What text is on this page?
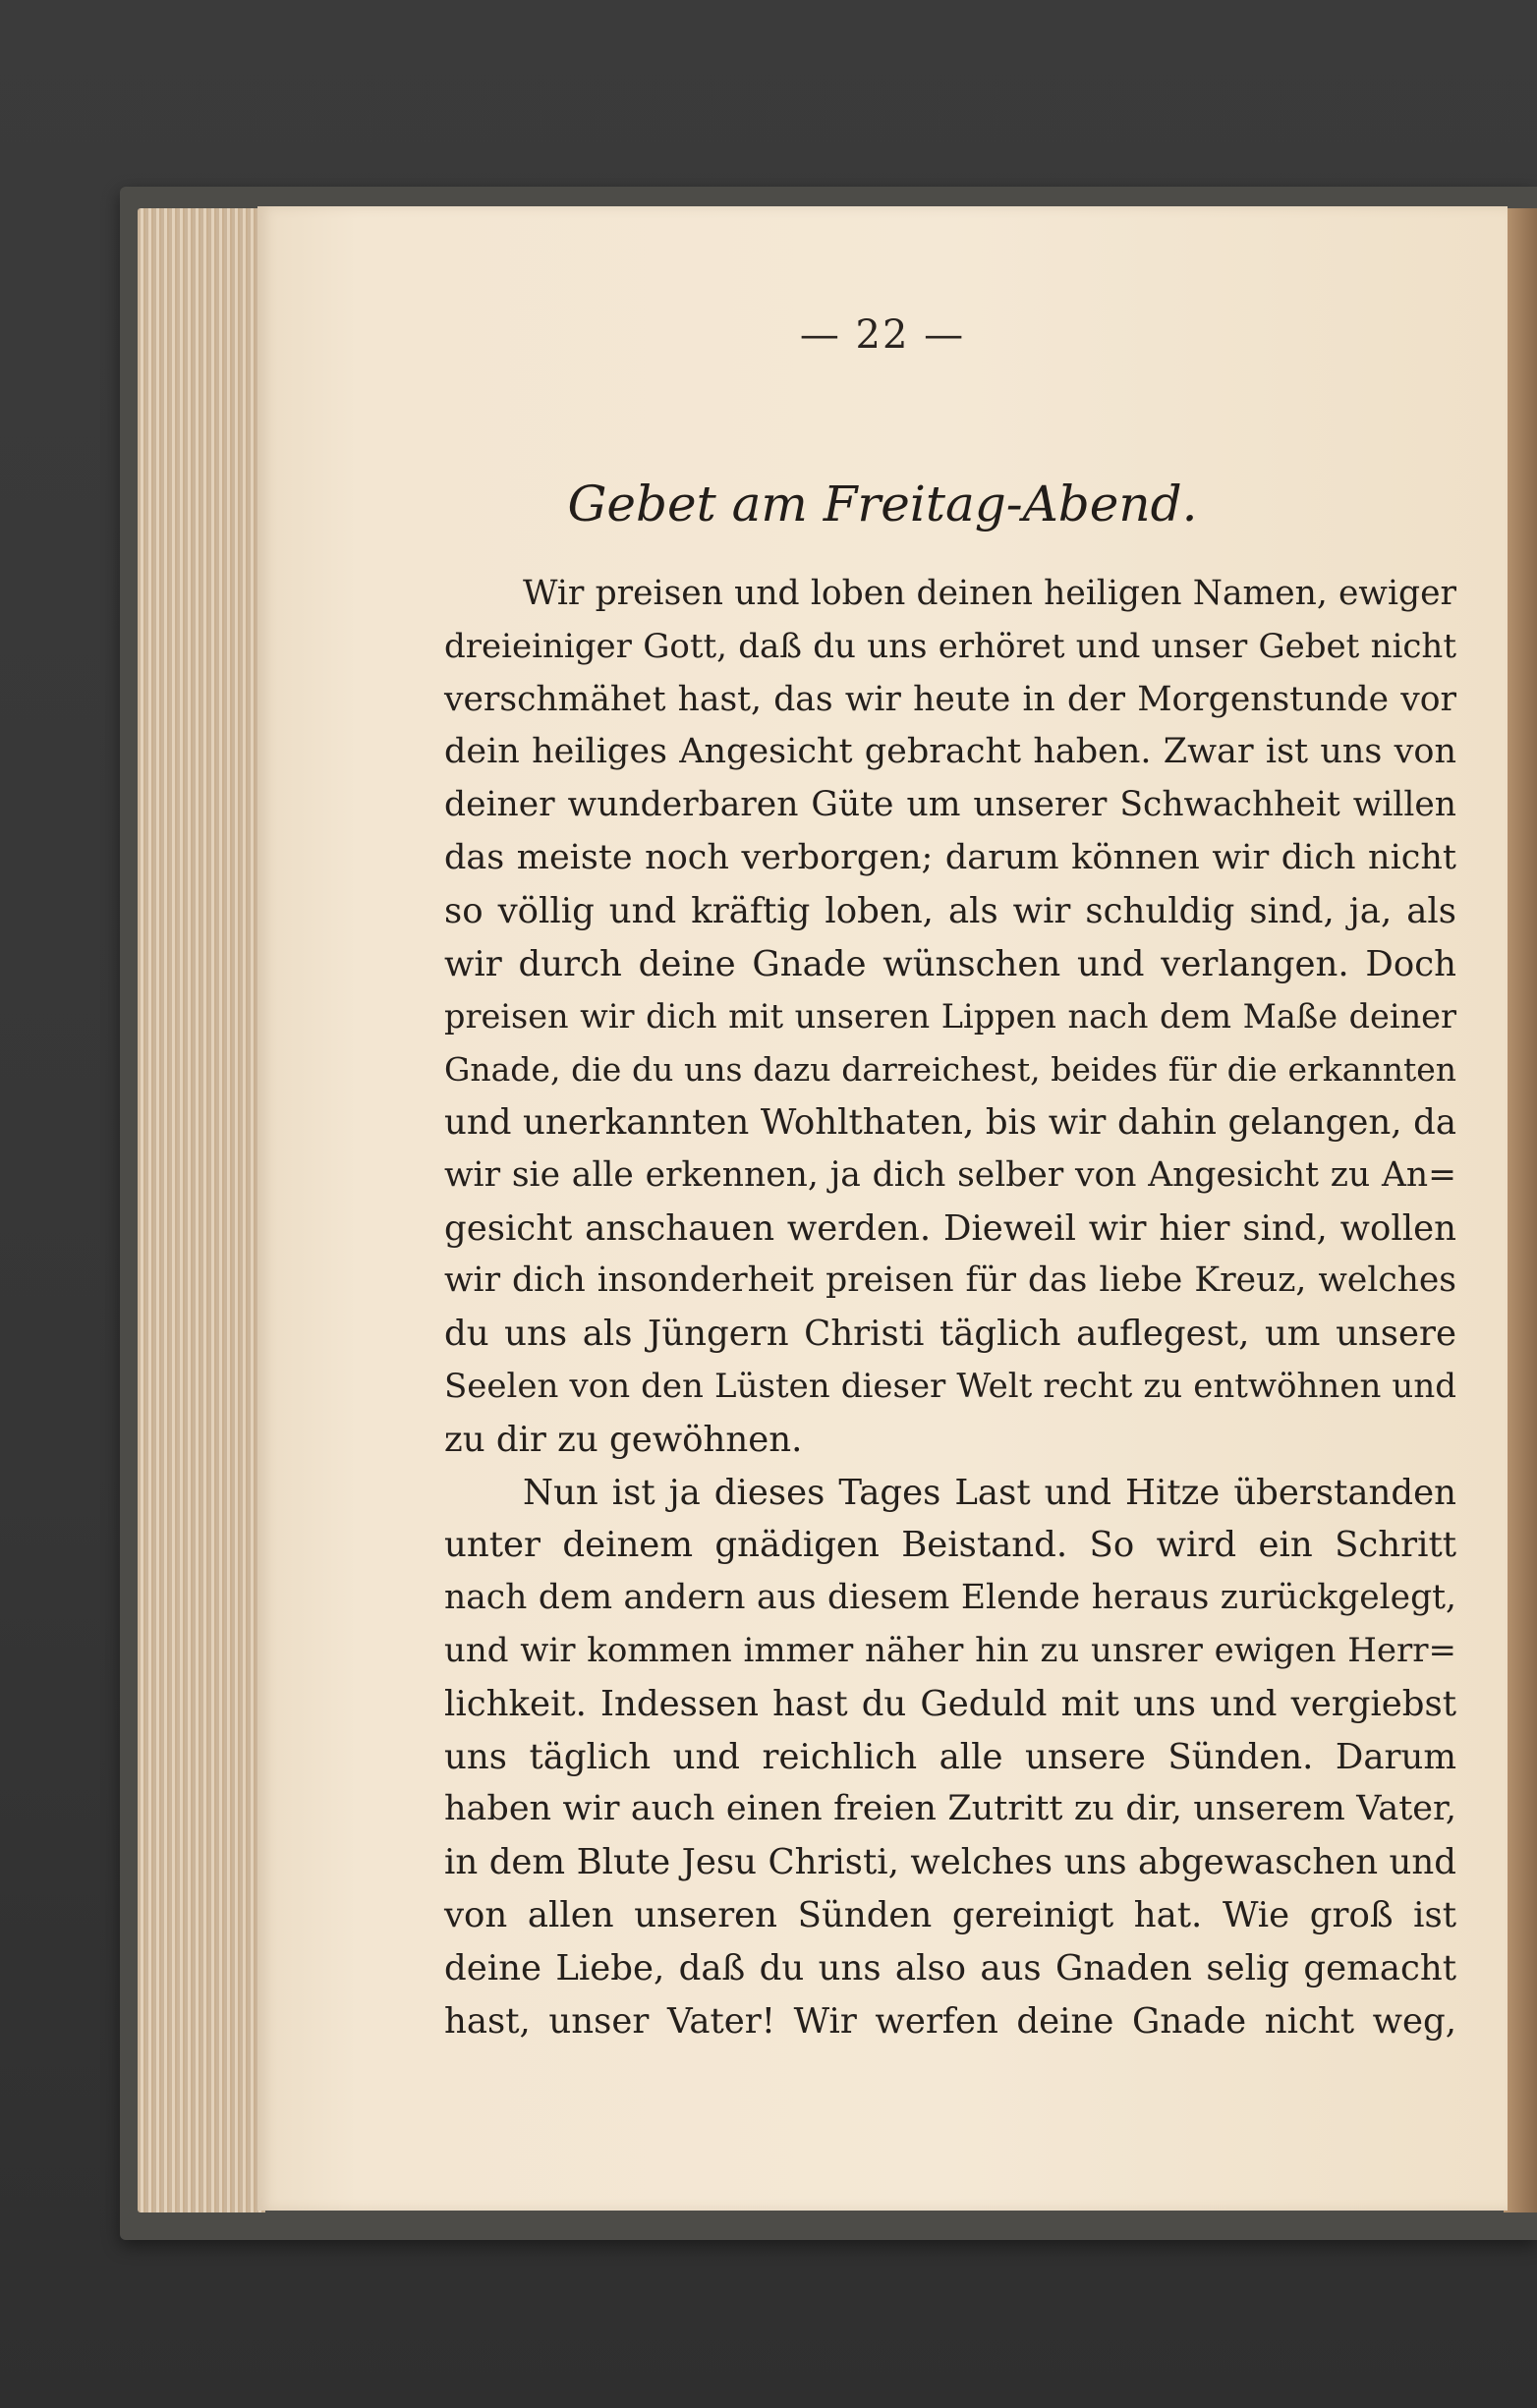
— 22 —
Gebet am Freitag-Abend.
Wir preisen und loben deinen heiligen Namen, ewiger
dreieiniger Gott, daß du uns erhöret und unser Gebet nicht
verschmähet hast, das wir heute in der Morgenstunde vor
dein heiliges Angesicht gebracht haben. Zwar ist uns von
deiner wunderbaren Güte um unserer Schwachheit willen
das meiste noch verborgen; darum können wir dich nicht
so völlig und kräftig loben, als wir schuldig sind, ja, als
wir durch deine Gnade wünschen und verlangen. Doch
preisen wir dich mit unseren Lippen nach dem Maße deiner
Gnade, die du uns dazu darreichest, beides für die erkannten
und unerkannten Wohlthaten, bis wir dahin gelangen, da
wir sie alle erkennen, ja dich selber von Angesicht zu An=
gesicht anschauen werden. Dieweil wir hier sind, wollen
wir dich insonderheit preisen für das liebe Kreuz, welches
du uns als Jüngern Christi täglich auflegest, um unsere
Seelen von den Lüsten dieser Welt recht zu entwöhnen und
zu dir zu gewöhnen.
Nun ist ja dieses Tages Last und Hitze überstanden
unter deinem gnädigen Beistand. So wird ein Schritt
nach dem andern aus diesem Elende heraus zurückgelegt,
und wir kommen immer näher hin zu unsrer ewigen Herr=
lichkeit. Indessen hast du Geduld mit uns und vergiebst
uns täglich und reichlich alle unsere Sünden. Darum
haben wir auch einen freien Zutritt zu dir, unserem Vater,
in dem Blute Jesu Christi, welches uns abgewaschen und
von allen unseren Sünden gereinigt hat. Wie groß ist
deine Liebe, daß du uns also aus Gnaden selig gemacht
hast, unser Vater! Wir werfen deine Gnade nicht weg,
